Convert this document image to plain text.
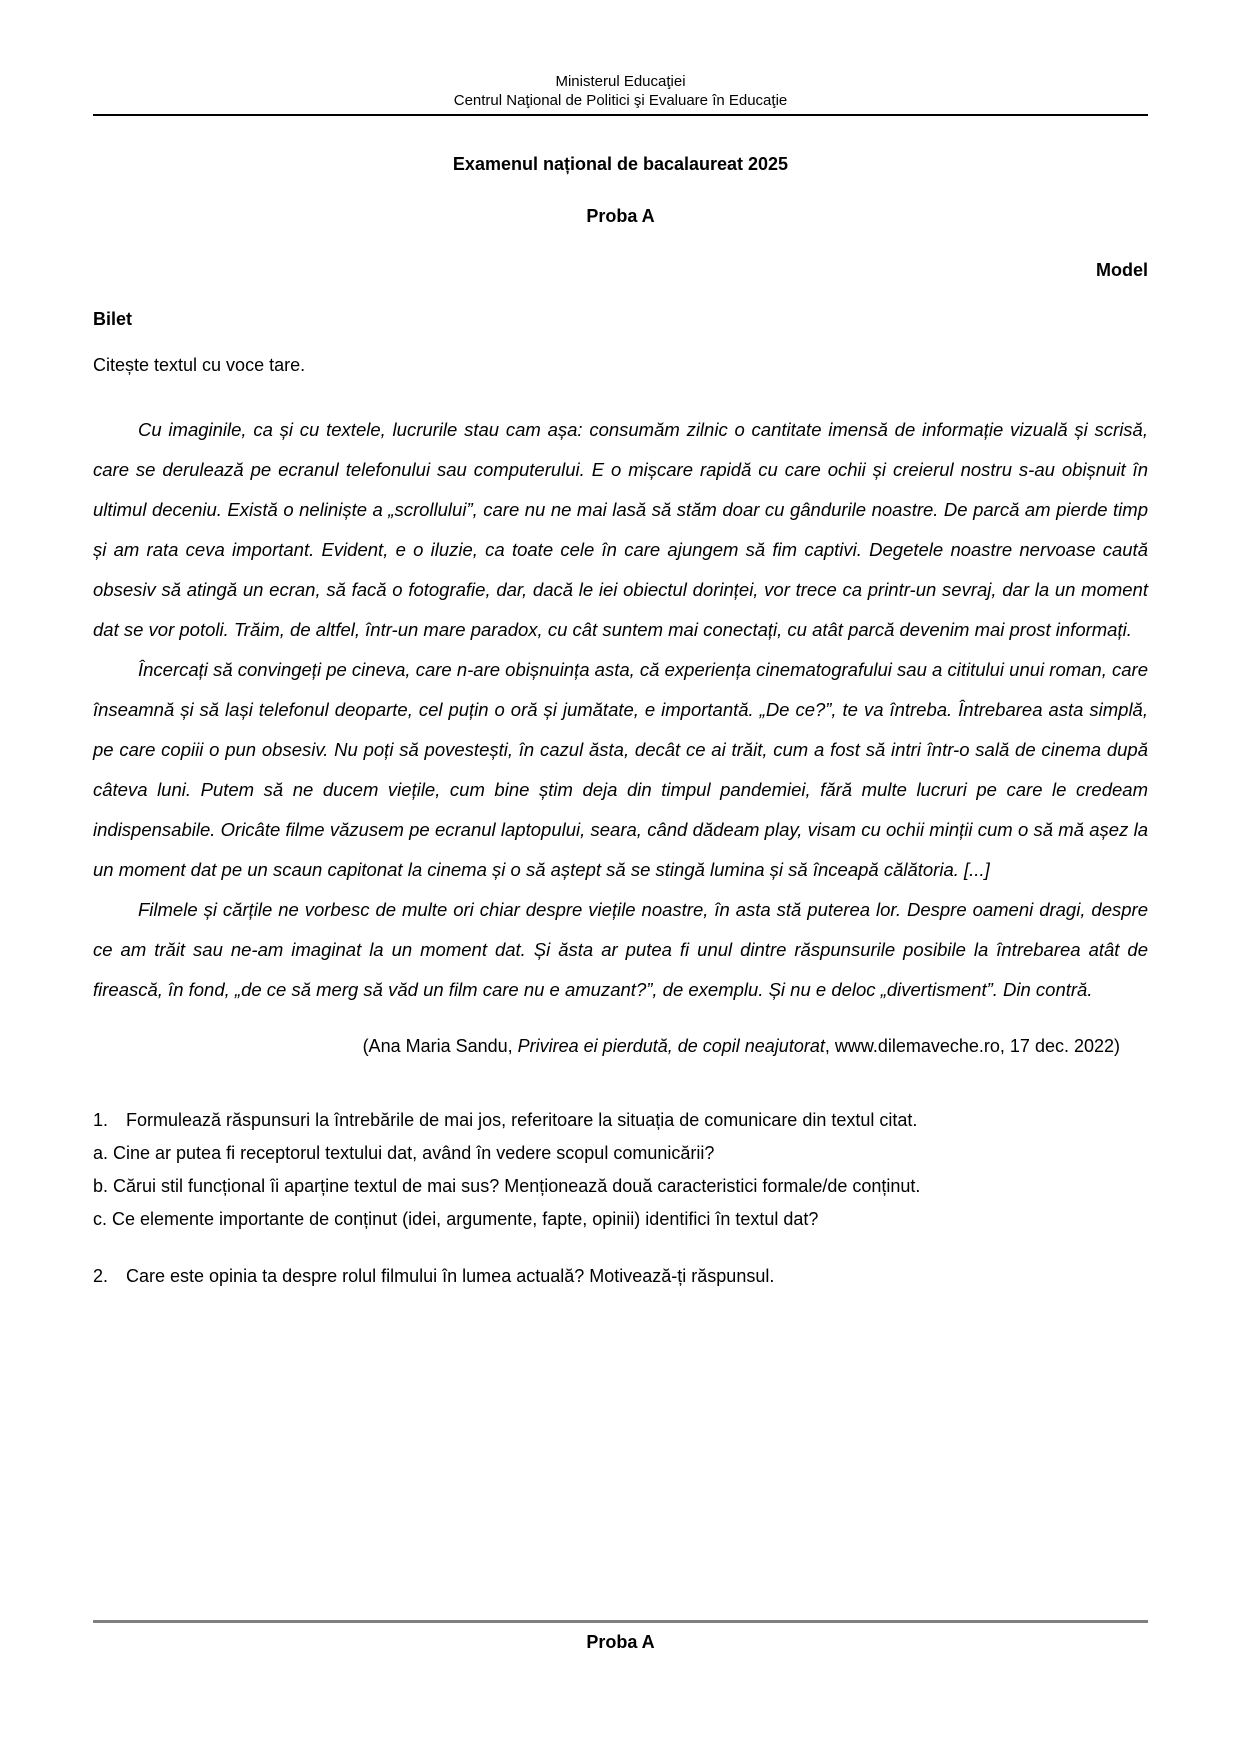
Ministerul Educaţiei
Centrul Naţional de Politici şi Evaluare în Educaţie
Examenul național de bacalaureat 2025
Proba A
Model
Bilet

Citește textul cu voce tare.

Cu imaginile, ca și cu textele, lucrurile stau cam așa: consumăm zilnic o cantitate imensă de informație vizuală și scrisă, care se derulează pe ecranul telefonului sau computerului. E o mișcare rapidă cu care ochii și creierul nostru s-au obișnuit în ultimul deceniu. Există o neliniște a „scrollului”, care nu ne mai lasă să stăm doar cu gândurile noastre. De parcă am pierde timp și am rata ceva important. Evident, e o iluzie, ca toate cele în care ajungem să fim captivi. Degetele noastre nervoase caută obsesiv să atingă un ecran, să facă o fotografie, dar, dacă le iei obiectul dorinței, vor trece ca printr-un sevraj, dar la un moment dat se vor potoli. Trăim, de altfel, într-un mare paradox, cu cât suntem mai conectați, cu atât parcă devenim mai prost informați.

Încercați să convingeți pe cineva, care n-are obișnuința asta, că experiența cinematografului sau a cititului unui roman, care înseamnă și să lași telefonul deoparte, cel puțin o oră și jumătate, e importantă. „De ce?”, te va întreba. Întrebarea asta simplă, pe care copiii o pun obsesiv. Nu poți să povestești, în cazul ăsta, decât ce ai trăit, cum a fost să intri într-o sală de cinema după câteva luni. Putem să ne ducem viețile, cum bine știm deja din timpul pandemiei, fără multe lucruri pe care le credeam indispensabile. Oricâte filme văzusem pe ecranul laptopului, seara, când dădeam play, visam cu ochii minții cum o să mă așez la un moment dat pe un scaun capitonat la cinema și o să aștept să se stingă lumina și să înceapă călătoria. [...]

Filmele și cărțile ne vorbesc de multe ori chiar despre viețile noastre, în asta stă puterea lor. Despre oameni dragi, despre ce am trăit sau ne-am imaginat la un moment dat. Și ăsta ar putea fi unul dintre răspunsurile posibile la întrebarea atât de firească, în fond, „de ce să merg să văd un film care nu e amuzant?”, de exemplu. Și nu e deloc „divertisment”. Din contră.

(Ana Maria Sandu, Privirea ei pierdută, de copil neajutorat, www.dilemaveche.ro, 17 dec. 2022)

1. Formulează răspunsuri la întrebările de mai jos, referitoare la situația de comunicare din textul citat.

a. Cine ar putea fi receptorul textului dat, având în vedere scopul comunicării?

b. Cărui stil funcțional îi aparține textul de mai sus? Menționează două caracteristici formale/de conținut.

c. Ce elemente importante de conținut (idei, argumente, fapte, opinii) identifici în textul dat?

2. Care este opinia ta despre rolul filmului în lumea actuală? Motivează-ți răspunsul.
Proba A
